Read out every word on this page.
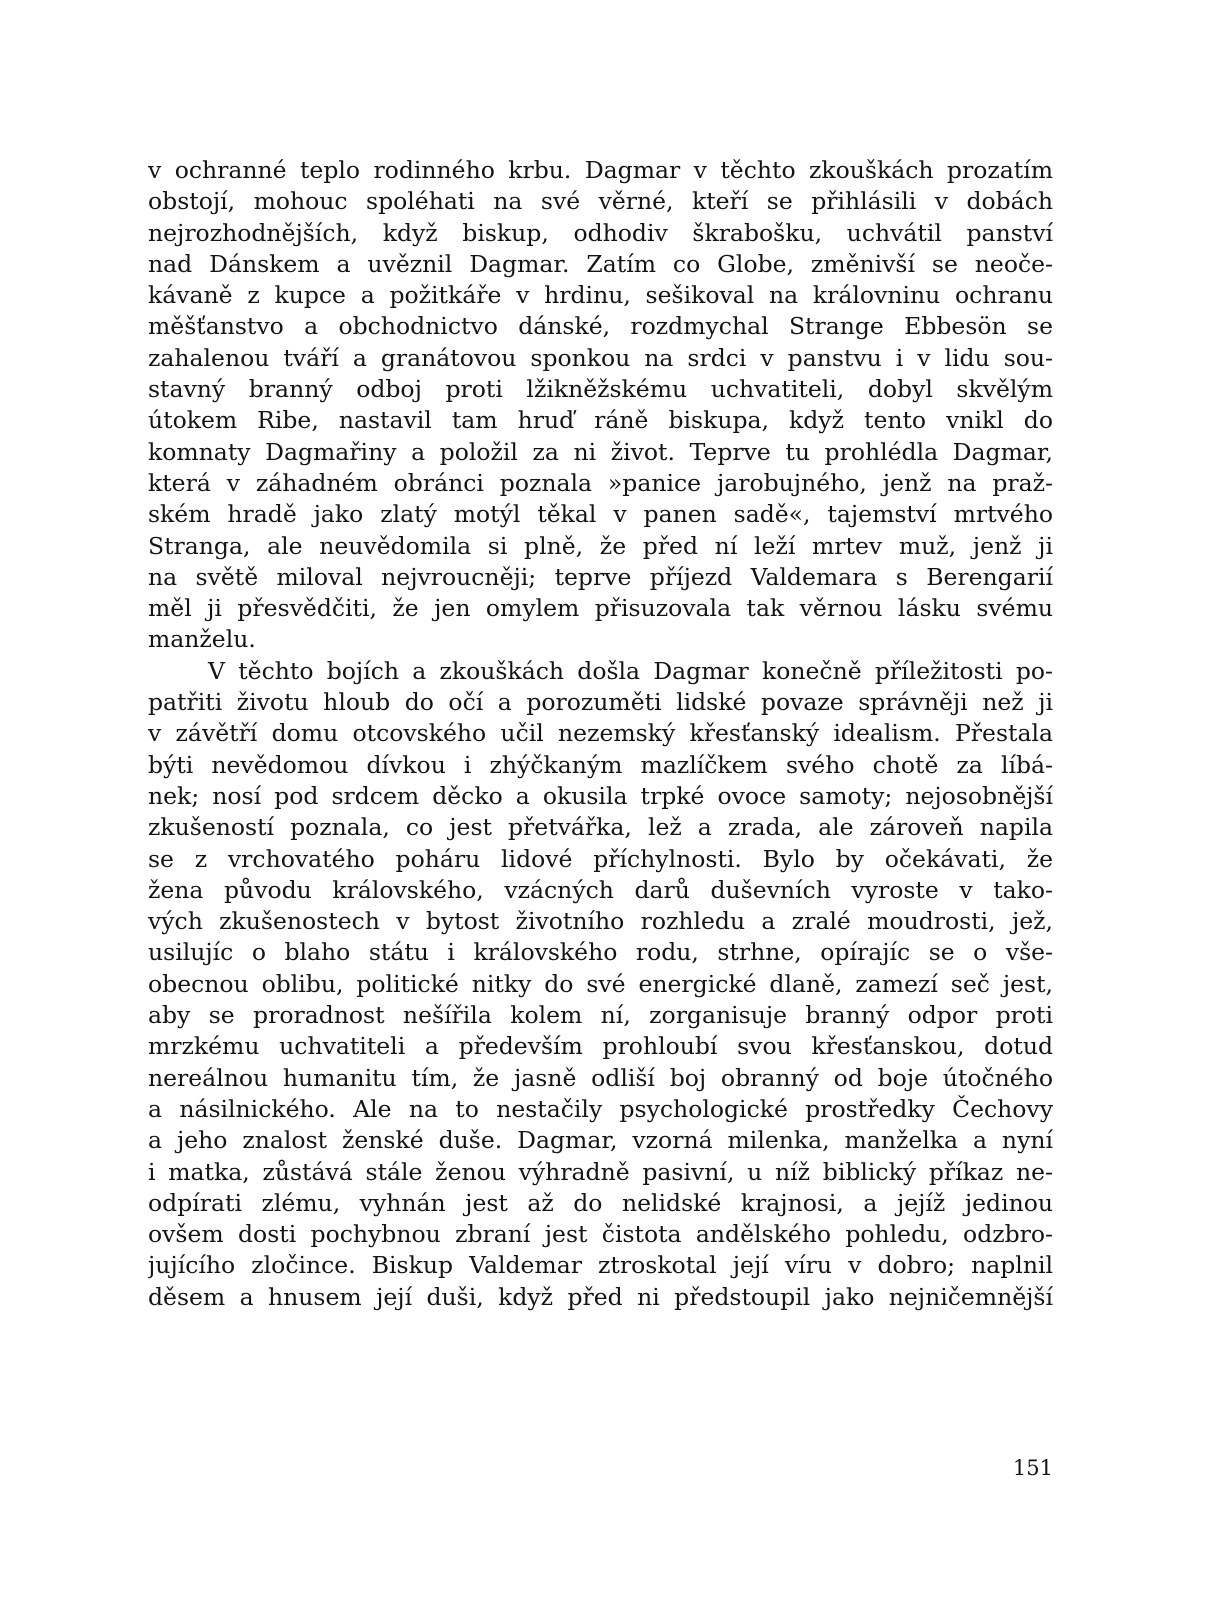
v ochranné teplo rodinného krbu. Dagmar v těchto zkouškách prozatím
obstojí, mohouc spoléhati na své věrné, kteří se přihlásili v dobách
nejrozhodnějších, když biskup, odhodiv škrabošku, uchvátil panství
nad Dánskem a uvěznil Dagmar. Zatím co Globe, změnivší se neoče-
kávaně z kupce a požitkáře v hrdinu, sešikoval na královninu ochranu
měšťanstvo a obchodnictvo dánské, rozdmychal Strange Ebbesön se
zahalenou tváří a granátovou sponkou na srdci v panstvu i v lidu sou-
stavný branný odboj proti lžikněžskému uchvatiteli, dobyl skvělým
útokem Ribe, nastavil tam hruď ráně biskupa, když tento vnikl do
komnaty Dagmařiny a položil za ni život. Teprve tu prohlédla Dagmar,
která v záhadném obránci poznala »panice jarobujného, jenž na praž-
ském hradě jako zlatý motýl těkal v panen sadě«, tajemství mrtvého
Stranga, ale neuvědomila si plně, že před ní leží mrtev muž, jenž ji
na světě miloval nejvroucněji; teprve příjezd Valdemara s Berengarií
měl ji přesvědčiti, že jen omylem přisuzovala tak věrnou lásku svému
manželu.
V těchto bojích a zkouškách došla Dagmar konečně příležitosti po-
patřiti životu hloub do očí a porozuměti lidské povaze správněji než ji
v závětří domu otcovského učil nezemský křesťanský idealism. Přestala
býti nevědomou dívkou i zhýčkaným mazlíčkem svého chotě za líbá-
nek; nosí pod srdcem děcko a okusila trpké ovoce samoty; nejosobnější
zkušeností poznala, co jest přetvářka, lež a zrada, ale zároveň napila
se z vrchovatého poháru lidové příchylnosti. Bylo by očekávati, že
žena původu královského, vzácných darů duševních vyroste v tako-
vých zkušenostech v bytost životního rozhledu a zralé moudrosti, jež,
usilujíc o blaho státu i královského rodu, strhne, opírajíc se o vše-
obecnou oblibu, politické nitky do své energické dlaně, zamezí seč jest,
aby se proradnost nešířila kolem ní, zorganisuje branný odpor proti
mrzkému uchvatiteli a především prohloubí svou křesťanskou, dotud
nereálnou humanitu tím, že jasně odliší boj obranný od boje útočného
a násilnického. Ale na to nestačily psychologické prostředky Čechovy
a jeho znalost ženské duše. Dagmar, vzorná milenka, manželka a nyní
i matka, zůstává stále ženou výhradně pasivní, u níž biblický příkaz ne-
odpírati zlému, vyhnán jest až do nelidské krajnosi, a jejíž jedinou
ovšem dosti pochybnou zbraní jest čistota andělského pohledu, odzbro-
jujícího zločince. Biskup Valdemar ztroskotal její víru v dobro; naplnil
děsem a hnusem její duši, když před ni předstoupil jako nejničemnější
151
